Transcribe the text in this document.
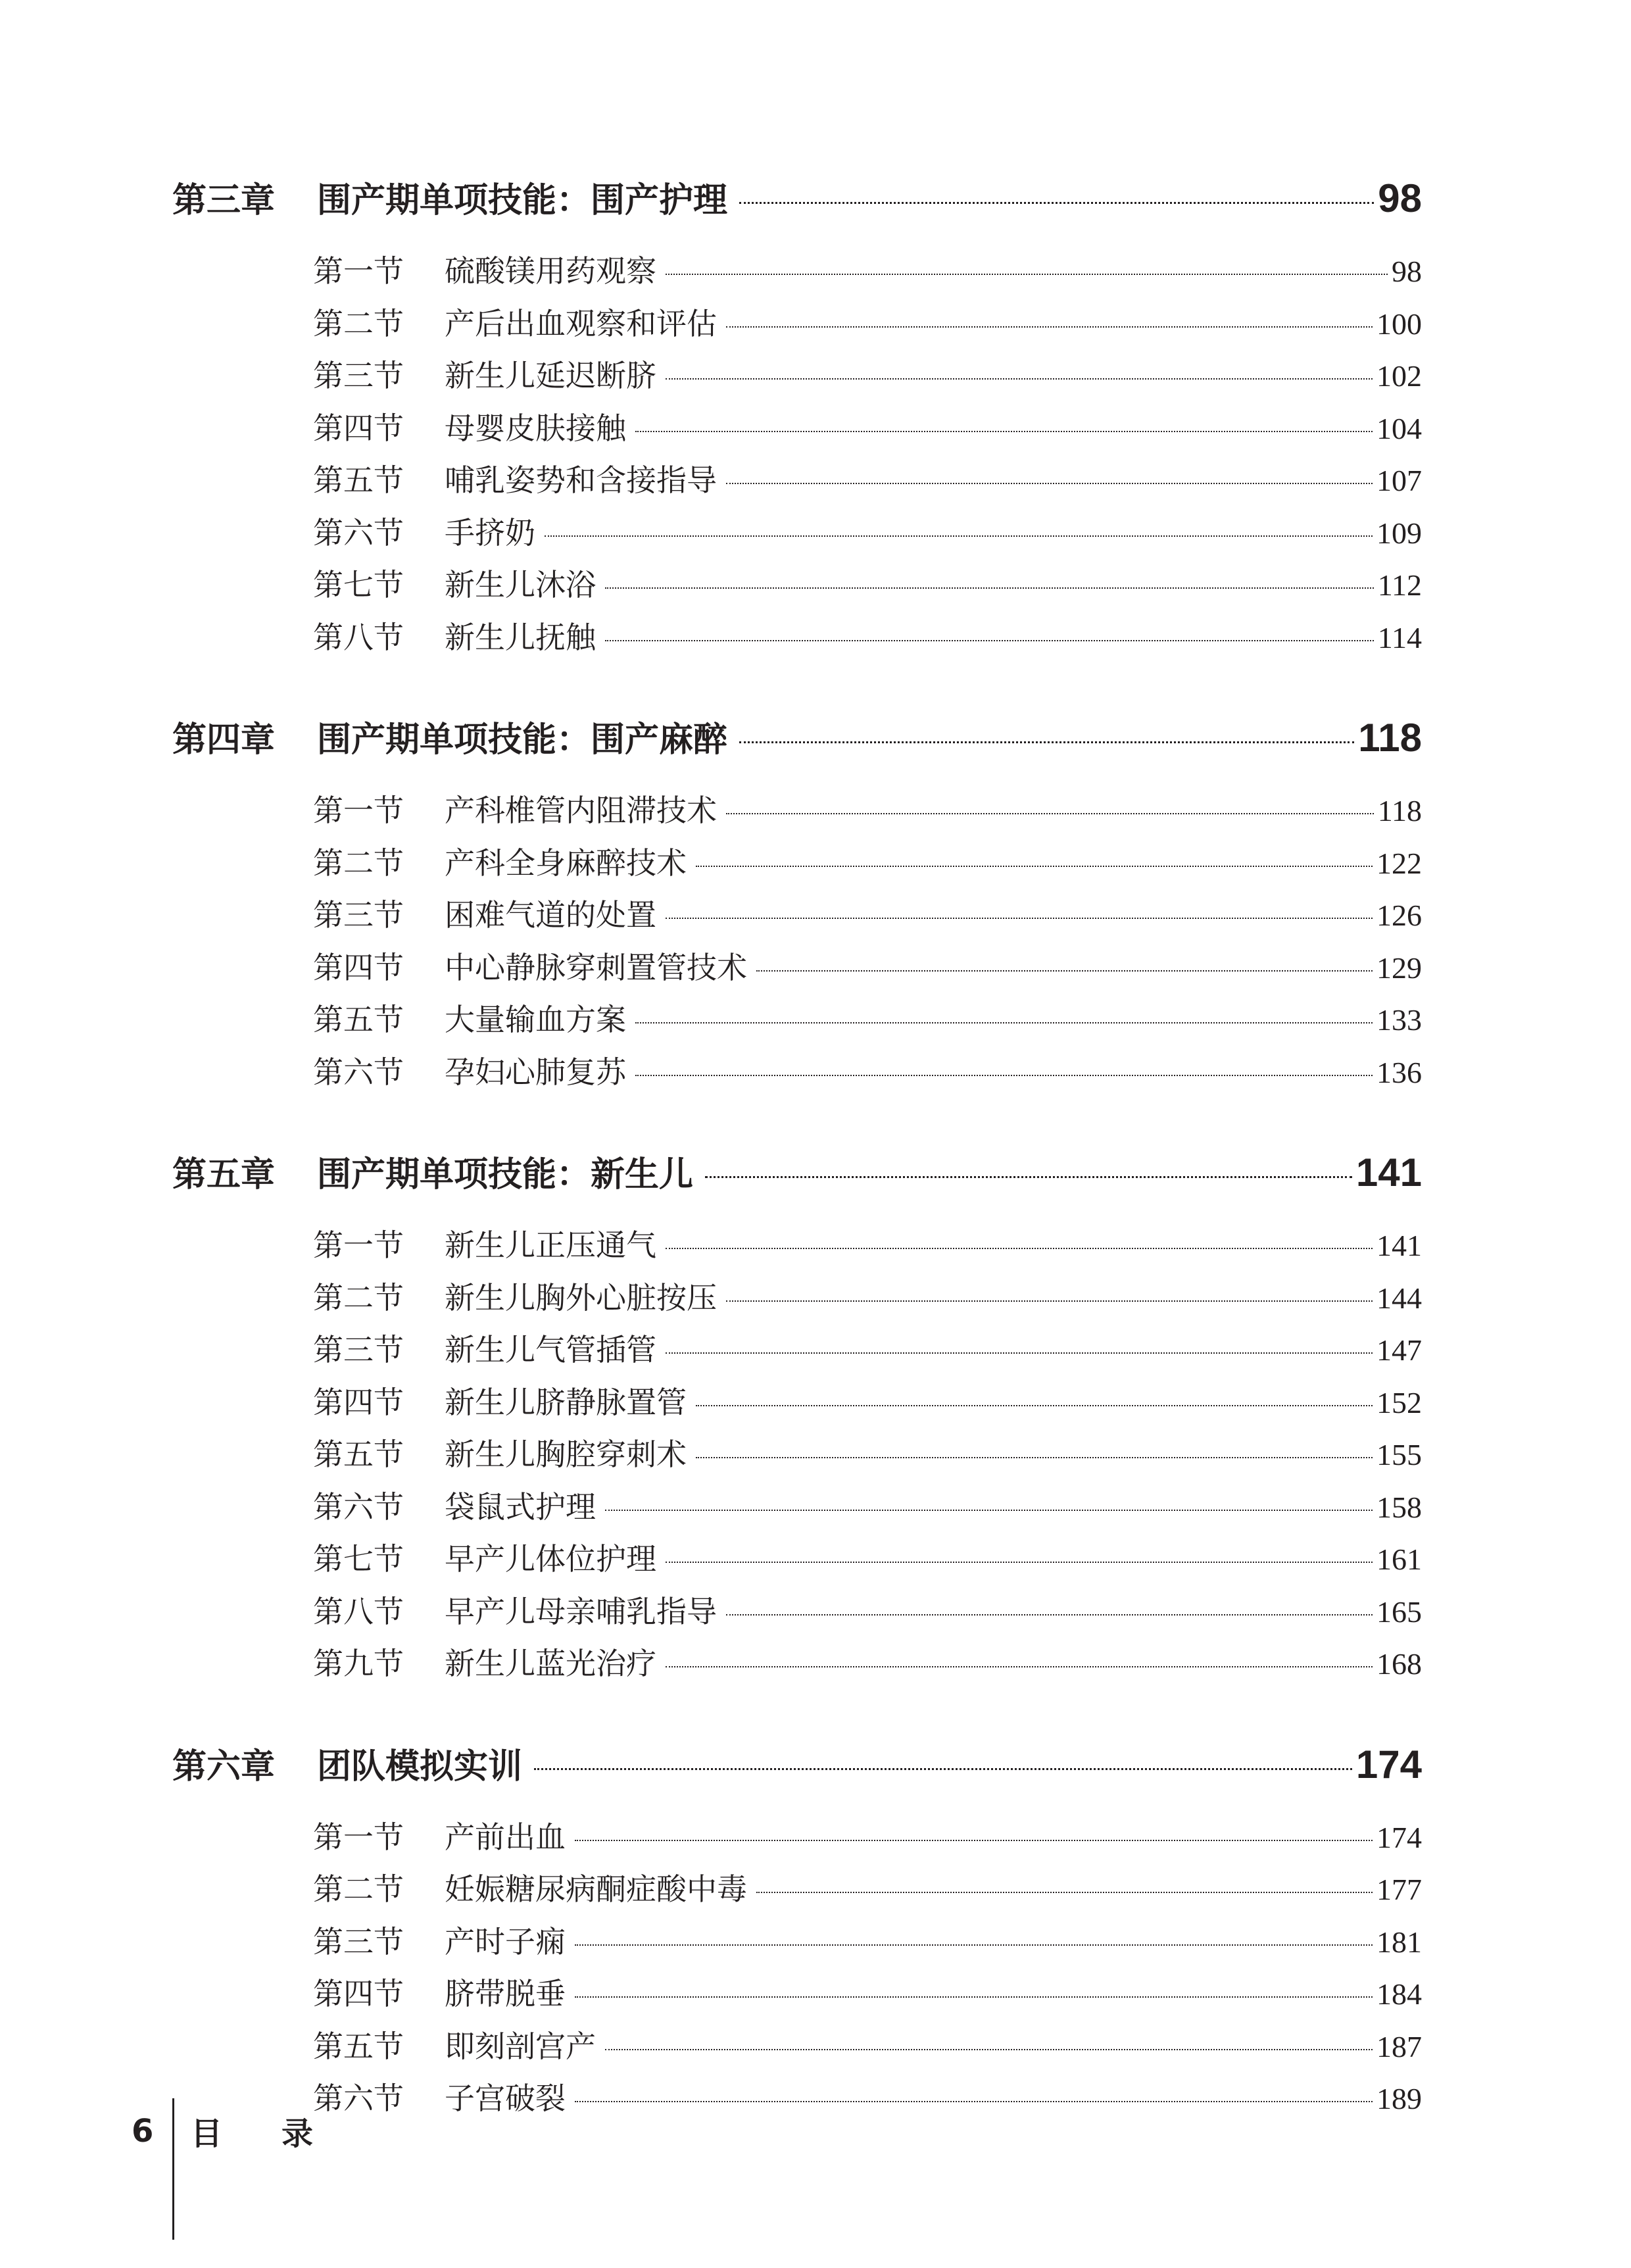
第三章	围产期单项技能：围产护理	98
第一节	硫酸镁用药观察	98
第二节	产后出血观察和评估	100
第三节	新生儿延迟断脐	102
第四节	母婴皮肤接触	104
第五节	哺乳姿势和含接指导	107
第六节	手挤奶	109
第七节	新生儿沐浴	112
第八节	新生儿抚触	114
第四章	围产期单项技能：围产麻醉	118
第一节	产科椎管内阻滞技术	118
第二节	产科全身麻醉技术	122
第三节	困难气道的处置	126
第四节	中心静脉穿刺置管技术	129
第五节	大量输血方案	133
第六节	孕妇心肺复苏	136
第五章	围产期单项技能：新生儿	141
第一节	新生儿正压通气	141
第二节	新生儿胸外心脏按压	144
第三节	新生儿气管插管	147
第四节	新生儿脐静脉置管	152
第五节	新生儿胸腔穿刺术	155
第六节	袋鼠式护理	158
第七节	早产儿体位护理	161
第八节	早产儿母亲哺乳指导	165
第九节	新生儿蓝光治疗	168
第六章	团队模拟实训	174
第一节	产前出血	174
第二节	妊娠糖尿病酮症酸中毒	177
第三节	产时子痫	181
第四节	脐带脱垂	184
第五节	即刻剖宫产	187
第六节	子宫破裂	189
6	目录
